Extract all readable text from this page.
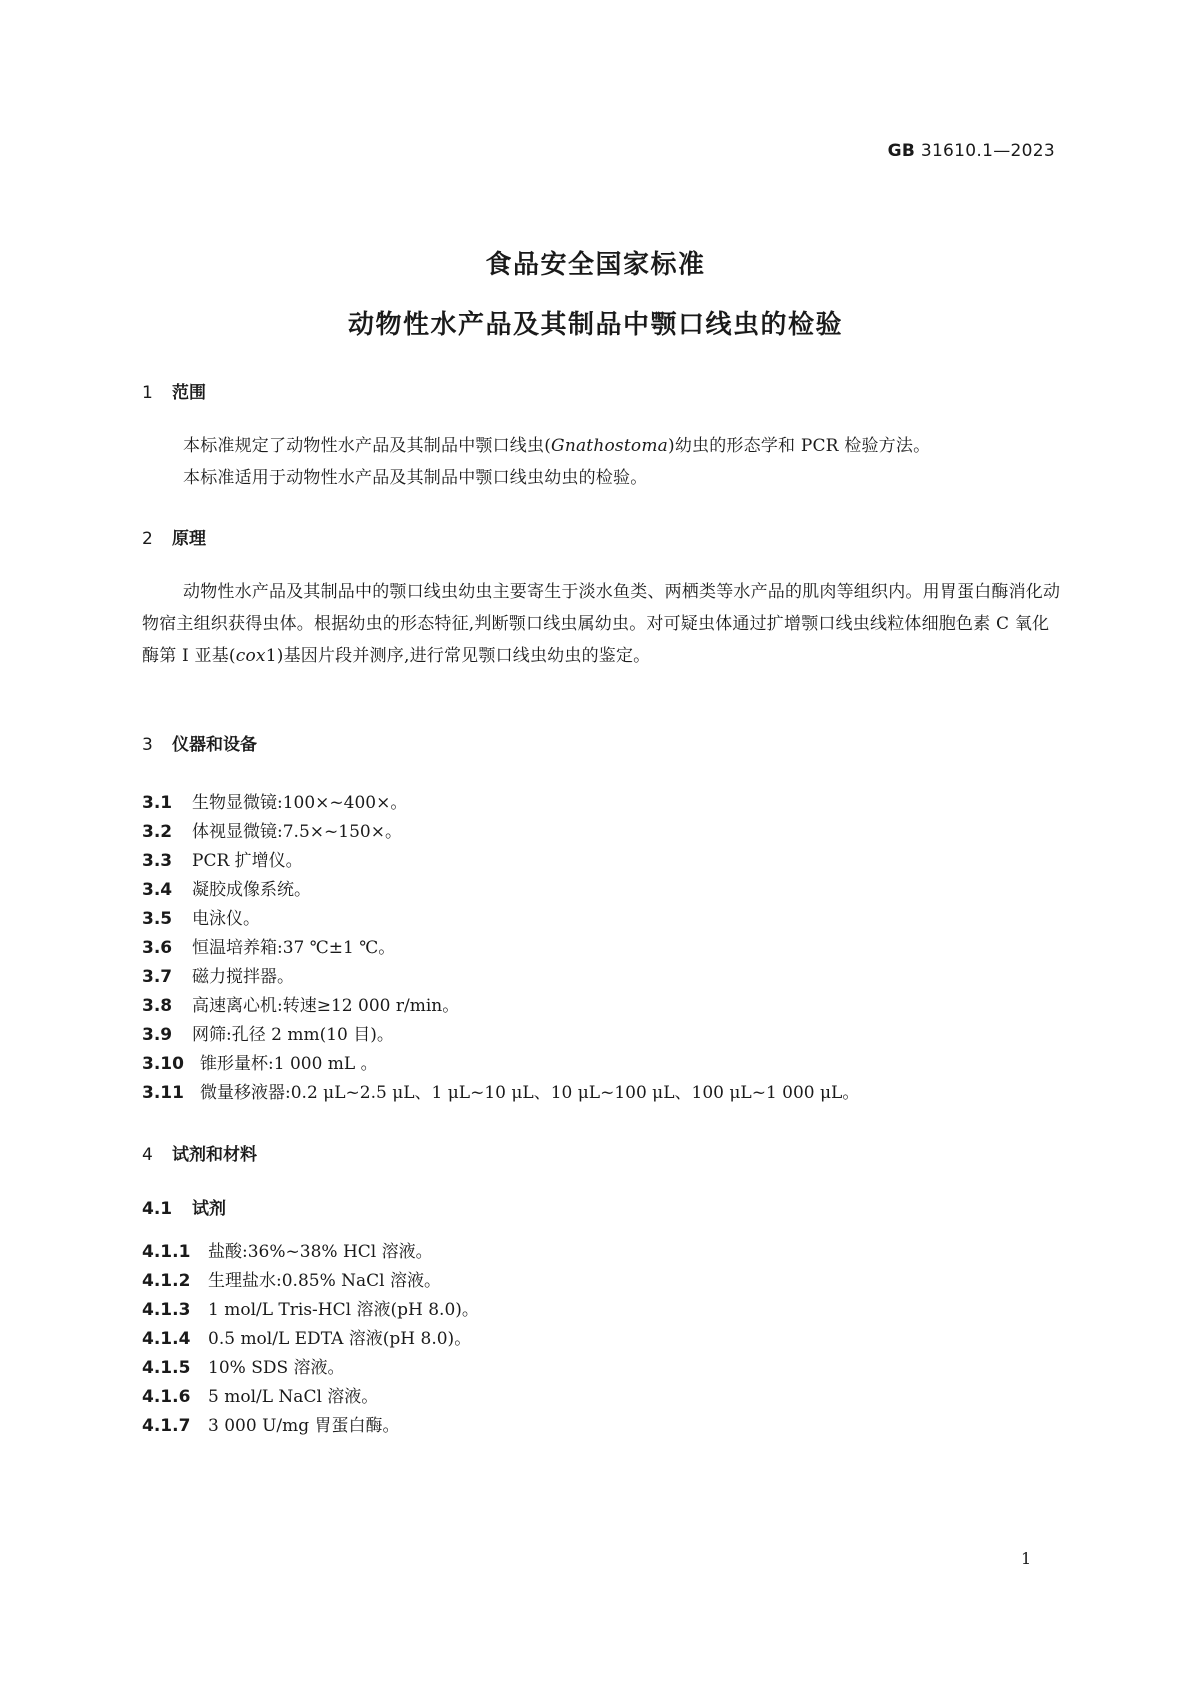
GB 31610.1—2023
食品安全国家标准
动物性水产品及其制品中颚口线虫的检验
1 范围

本标准规定了动物性水产品及其制品中颚口线虫(Gnathostoma)幼虫的形态学和 PCR 检验方法。

本标准适用于动物性水产品及其制品中颚口线虫幼虫的检验。

2 原理

动物性水产品及其制品中的颚口线虫幼虫主要寄生于淡水鱼类、两栖类等水产品的肌肉等组织内。用胃蛋白酶消化动物宿主组织获得虫体。根据幼虫的形态特征,判断颚口线虫属幼虫。对可疑虫体通过扩增颚口线虫线粒体细胞色素 C 氧化酶第 I 亚基(cox1)基因片段并测序,进行常见颚口线虫幼虫的鉴定。

3 仪器和设备
3.1 生物显微镜:100×~400×。
3.2 体视显微镜:7.5×~150×。
3.3 PCR 扩增仪。
3.4 凝胶成像系统。
3.5 电泳仪。
3.6 恒温培养箱:37 ℃±1 ℃。
3.7 磁力搅拌器。
3.8 高速离心机:转速≥12 000 r/min。
3.9 网筛:孔径 2 mm(10 目)。
3.10 锥形量杯:1 000 mL 。
3.11 微量移液器:0.2 μL~2.5 μL、1 μL~10 μL、10 μL~100 μL、100 μL~1 000 μL。
4 试剂和材料
4.1 试剂
4.1.1 盐酸:36%~38% HCl 溶液。
4.1.2 生理盐水:0.85% NaCl 溶液。
4.1.3 1 mol/L Tris-HCl 溶液(pH 8.0)。
4.1.4 0.5 mol/L EDTA 溶液(pH 8.0)。
4.1.5 10% SDS 溶液。
4.1.6 5 mol/L NaCl 溶液。
4.1.7 3 000 U/mg 胃蛋白酶。
1
